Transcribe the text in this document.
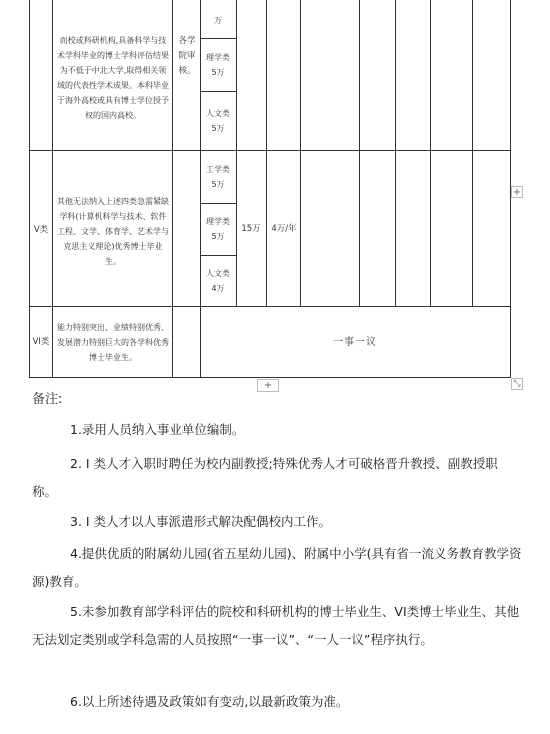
而校或科研机构,具备科学与技术学科毕业的博士学科评估结果为不低于中北大学,取得相关领域的代表性学术成果。本科毕业于海外高校或具有博士学位授予权的国内高校。
各学院审核。
万
理学类5万
人文类5万
V类
其他无法纳入上述四类急需紧缺学科(计算机科学与技术、软件工程、文学、体育学、艺术学与克思主义理论)优秀博士毕业生。
工学类5万
理学类5万
人文类4万
15万 4万/年
VI类
能力特别突出、业绩特别优秀、发展潜力特别巨大的各学科优秀博士毕业生。
一事一议
+
+	⤡
备注:
1.录用人员纳入事业单位编制。
2. I 类人才入职时聘任为校内副教授;特殊优秀人才可破格晋升教授、副教授职称。
3. I 类人才以人事派遣形式解决配偶校内工作。
4.提供优质的附属幼儿园(省五星幼儿园)、附属中小学(具有省一流义务教育教学资源)教育。
5.未参加教育部学科评估的院校和科研机构的博士毕业生、VI类博士毕业生、其他无法划定类别或学科急需的人员按照“一事一议”、“一人一议”程序执行。
6.以上所述待遇及政策如有变动,以最新政策为准。
